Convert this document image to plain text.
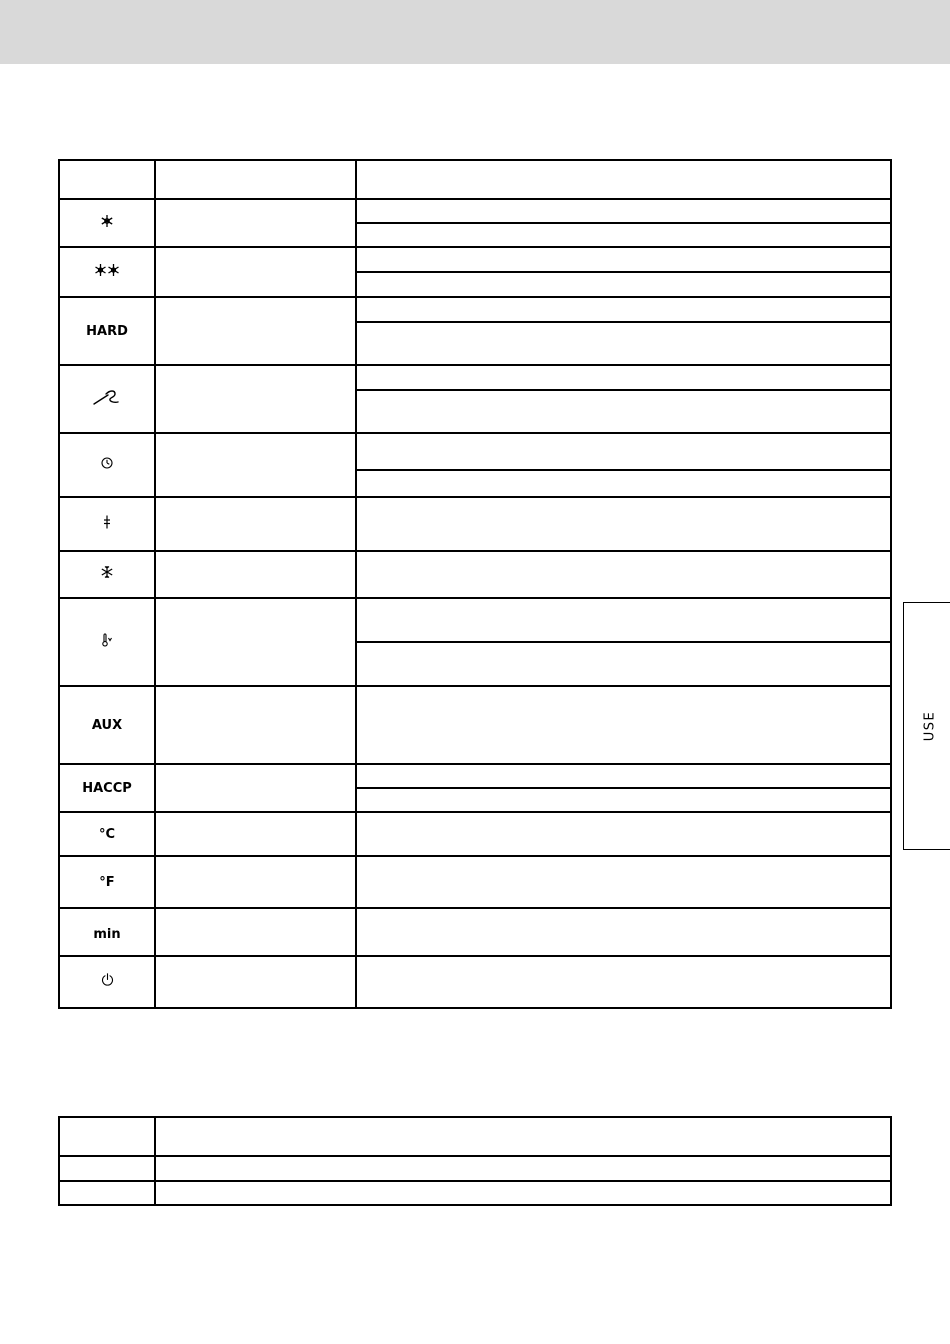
USE

HARD		

AUX		
HACCP		

°C		
°F		
min		
